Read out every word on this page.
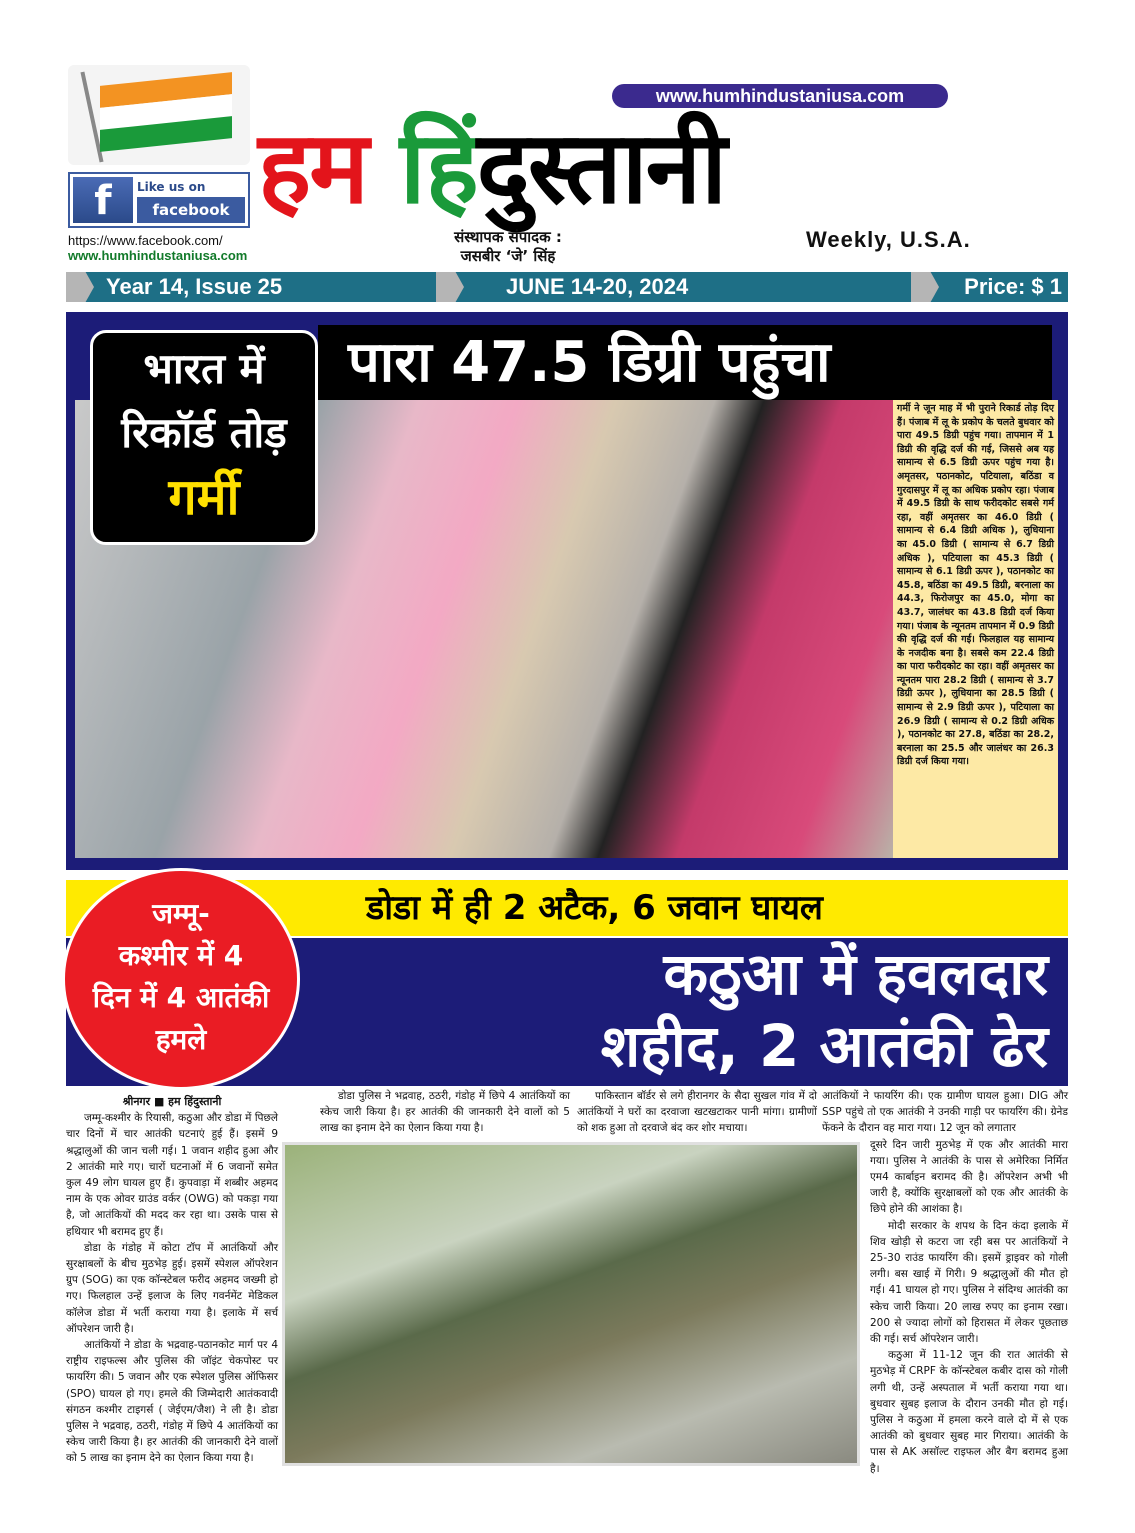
f	Like us on
facebook
https://www.facebook.com/
www.humhindustaniusa.com
www.humhindustaniusa.com
हम हिंदुस्तानी
संस्थापक संपादक :
जसबीर ‘जे’ सिंह
Weekly, U.S.A.
Year 14, Issue 25	JUNE 14-20, 2024	Price: $ 1
पारा 47.5 डिग्री पहुंचा
भारत में
रिकॉर्ड तोड़
गर्मी
गर्मी ने जून माह में भी पुराने रिकार्ड तोड़ दिए हैं। पंजाब में लू के प्रकोप के चलते बुधवार को पारा 49.5 डिग्री पहुंच गया। तापमान में 1 डिग्री की वृद्धि दर्ज की गई, जिससे अब यह सामान्य से 6.5 डिग्री ऊपर पहुंच गया है। अमृतसर, पठानकोट, पटियाला, बठिंडा व गुरदासपुर में लू का अधिक प्रकोप रहा। पंजाब में 49.5 डिग्री के साथ फरीदकोट सबसे गर्म रहा, वहीं अमृतसर का 46.0 डिग्री ( सामान्य से 6.4 डिग्री अधिक ), लुधियाना का 45.0 डिग्री ( सामान्य से 6.7 डिग्री अधिक ), पटियाला का 45.3 डिग्री ( सामान्य से 6.1 डिग्री ऊपर ), पठानकोट का 45.8, बठिंडा का 49.5 डिग्री, बरनाला का 44.3, फिरोजपुर का 45.0, मोगा का 43.7, जालंधर का 43.8 डिग्री दर्ज किया गया। पंजाब के न्यूनतम तापमान में 0.9 डिग्री की वृद्धि दर्ज की गई। फिलहाल यह सामान्य के नजदीक बना है। सबसे कम 22.4 डिग्री का पारा फरीदकोट का रहा। वहीं अमृतसर का न्यूनतम पारा 28.2 डिग्री ( सामान्य से 3.7 डिग्री ऊपर ), लुधियाना का 28.5 डिग्री ( सामान्य से 2.9 डिग्री ऊपर ), पटियाला का 26.9 डिग्री ( सामान्य से 0.2 डिग्री अधिक ), पठानकोट का 27.8, बठिंडा का 28.2, बरनाला का 25.5 और जालंधर का 26.3 डिग्री दर्ज किया गया।
डोडा में ही 2 अटैक, 6 जवान घायल
कठुआ में हवलदार
शहीद, 2 आतंकी ढेर
जम्मू-
कश्मीर में 4
दिन में 4 आतंकी
हमले

श्रीनगर ■ हम हिंदुस्तानी

जम्मू-कश्मीर के रियासी, कठुआ और डोडा में पिछले चार दिनों में चार आतंकी घटनाएं हुई हैं। इसमें 9 श्रद्धालुओं की जान चली गई। 1 जवान शहीद हुआ और 2 आतंकी मारे गए। चारों घटनाओं में 6 जवानों समेत कुल 49 लोग घायल हुए हैं। कुपवाड़ा में शब्बीर अहमद नाम के एक ओवर ग्राउंड वर्कर (OWG) को पकड़ा गया है, जो आतंकियों की मदद कर रहा था। उसके पास से हथियार भी बरामद हुए हैं।

डोडा के गंडोह में कोटा टॉप में आतंकियों और सुरक्षाबलों के बीच मुठभेड़ हुई। इसमें स्पेशल ऑपरेशन ग्रुप (SOG) का एक कॉन्स्टेबल फरीद अहमद जख्मी हो गए। फिलहाल उन्हें इलाज के लिए गवर्नमेंट मेडिकल कॉलेज डोडा में भर्ती कराया गया है। इलाके में सर्च ऑपरेशन जारी है।

आतंकियों ने डोडा के भद्रवाह-पठानकोट मार्ग पर 4 राष्ट्रीय राइफल्स और पुलिस की जॉइंट चेकपोस्ट पर फायरिंग की। 5 जवान और एक स्पेशल पुलिस ऑफिसर (SPO) घायल हो गए। हमले की जिम्मेदारी आतंकवादी संगठन कश्मीर टाइगर्स ( जेईएम/जैश) ने ली है। डोडा पुलिस ने भद्रवाह, ठठरी, गंडोह में छिपे 4 आतंकियों का स्केच जारी किया है। हर आतंकी की जानकारी देने वालों को 5 लाख का इनाम देने का ऐलान किया गया है।

डोडा पुलिस ने भद्रवाह, ठठरी, गंडोह में छिपे 4 आतंकियों का स्केच जारी किया है। हर आतंकी की जानकारी देने वालों को 5 लाख का इनाम देने का ऐलान किया गया है।

पाकिस्तान बॉर्डर से लगे हीरानगर के सैदा सुखल गांव में दो आतंकियों ने घरों का दरवाजा खटखटाकर पानी मांगा। ग्रामीणों को शक हुआ तो दरवाजे बंद कर शोर मचाया।

आतंकियों ने फायरिंग की। एक ग्रामीण घायल हुआ। DIG और SSP पहुंचे तो एक आतंकी ने उनकी गाड़ी पर फायरिंग की। ग्रेनेड फेंकने के दौरान वह मारा गया। 12 जून को लगातार
दूसरे दिन जारी मुठभेड़ में एक और आतंकी मारा गया। पुलिस ने आतंकी के पास से अमेरिका निर्मित एम4 कार्बाइन बरामद की है। ऑपरेशन अभी भी जारी है, क्योंकि सुरक्षाबलों को एक और आतंकी के छिपे होने की आशंका है।

मोदी सरकार के शपथ के दिन कंदा इलाके में शिव खोड़ी से कटरा जा रही बस पर आतंकियों ने 25-30 राउंड फायरिंग की। इसमें ड्राइवर को गोली लगी। बस खाई में गिरी। 9 श्रद्धालुओं की मौत हो गई। 41 घायल हो गए। पुलिस ने संदिग्ध आतंकी का स्केच जारी किया। 20 लाख रुपए का इनाम रखा। 200 से ज्यादा लोगों को हिरासत में लेकर पूछताछ की गई। सर्च ऑपरेशन जारी।

कठुआ में 11-12 जून की रात आतंकी से मुठभेड़ में CRPF के कॉन्स्टेबल कबीर दास को गोली लगी थी, उन्हें अस्पताल में भर्ती कराया गया था। बुधवार सुबह इलाज के दौरान उनकी मौत हो गई। पुलिस ने कठुआ में हमला करने वाले दो में से एक आतंकी को बुधवार सुबह मार गिराया। आतंकी के पास से AK असॉल्ट राइफल और बैग बरामद हुआ है।
